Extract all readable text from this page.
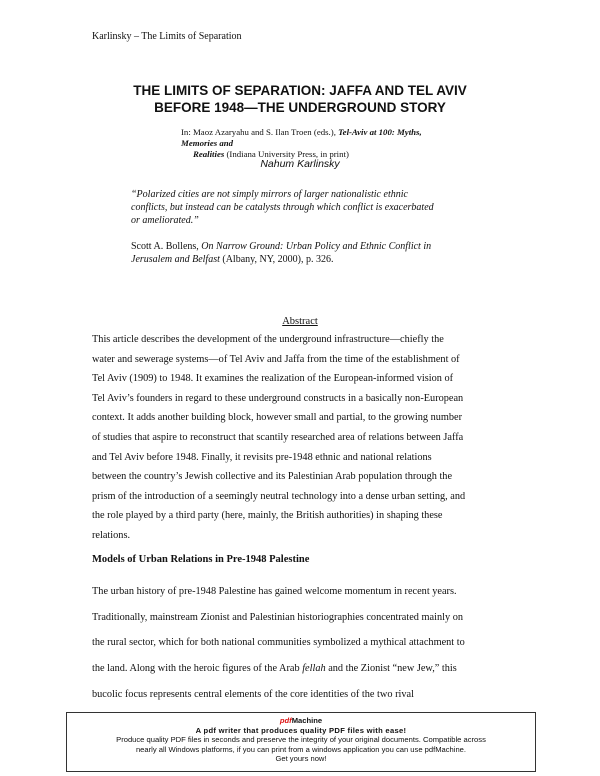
Karlinsky – The Limits of Separation
THE LIMITS OF SEPARATION: JAFFA AND TEL AVIV
BEFORE 1948—THE UNDERGROUND STORY
In: Maoz Azaryahu and S. Ilan Troen (eds.), Tel-Aviv at 100: Myths, Memories and
Realities (Indiana University Press, in print)
Nahum Karlinsky
“Polarized cities are not simply mirrors of larger nationalistic ethnic
conflicts, but instead can be catalysts through which conflict is exacerbated
or ameliorated.”
Scott A. Bollens, On Narrow Ground: Urban Policy and Ethnic Conflict in
Jerusalem and Belfast (Albany, NY, 2000), p. 326.
Abstract
This article describes the development of the underground infrastructure—chiefly the
water and sewerage systems—of Tel Aviv and Jaffa from the time of the establishment of
Tel Aviv (1909) to 1948. It examines the realization of the European-informed vision of
Tel Aviv’s founders in regard to these underground constructs in a basically non-European
context. It adds another building block, however small and partial, to the growing number
of studies that aspire to reconstruct that scantily researched area of relations between Jaffa
and Tel Aviv before 1948. Finally, it revisits pre-1948 ethnic and national relations
between the country’s Jewish collective and its Palestinian Arab population through the
prism of the introduction of a seemingly neutral technology into a dense urban setting, and
the role played by a third party (here, mainly, the British authorities) in shaping these
relations.
Models of Urban Relations in Pre-1948 Palestine
The urban history of pre-1948 Palestine has gained welcome momentum in recent years.
Traditionally, mainstream Zionist and Palestinian historiographies concentrated mainly on
the rural sector, which for both national communities symbolized a mythical attachment to
the land. Along with the heroic figures of the Arab fellah and the Zionist “new Jew,” this
bucolic focus represents central elements of the core identities of the two rival
pdfMachine
A pdf writer that produces quality PDF files with ease!
Produce quality PDF files in seconds and preserve the integrity of your original documents. Compatible across
nearly all Windows platforms, if you can print from a windows application you can use pdfMachine.
Get yours now!
